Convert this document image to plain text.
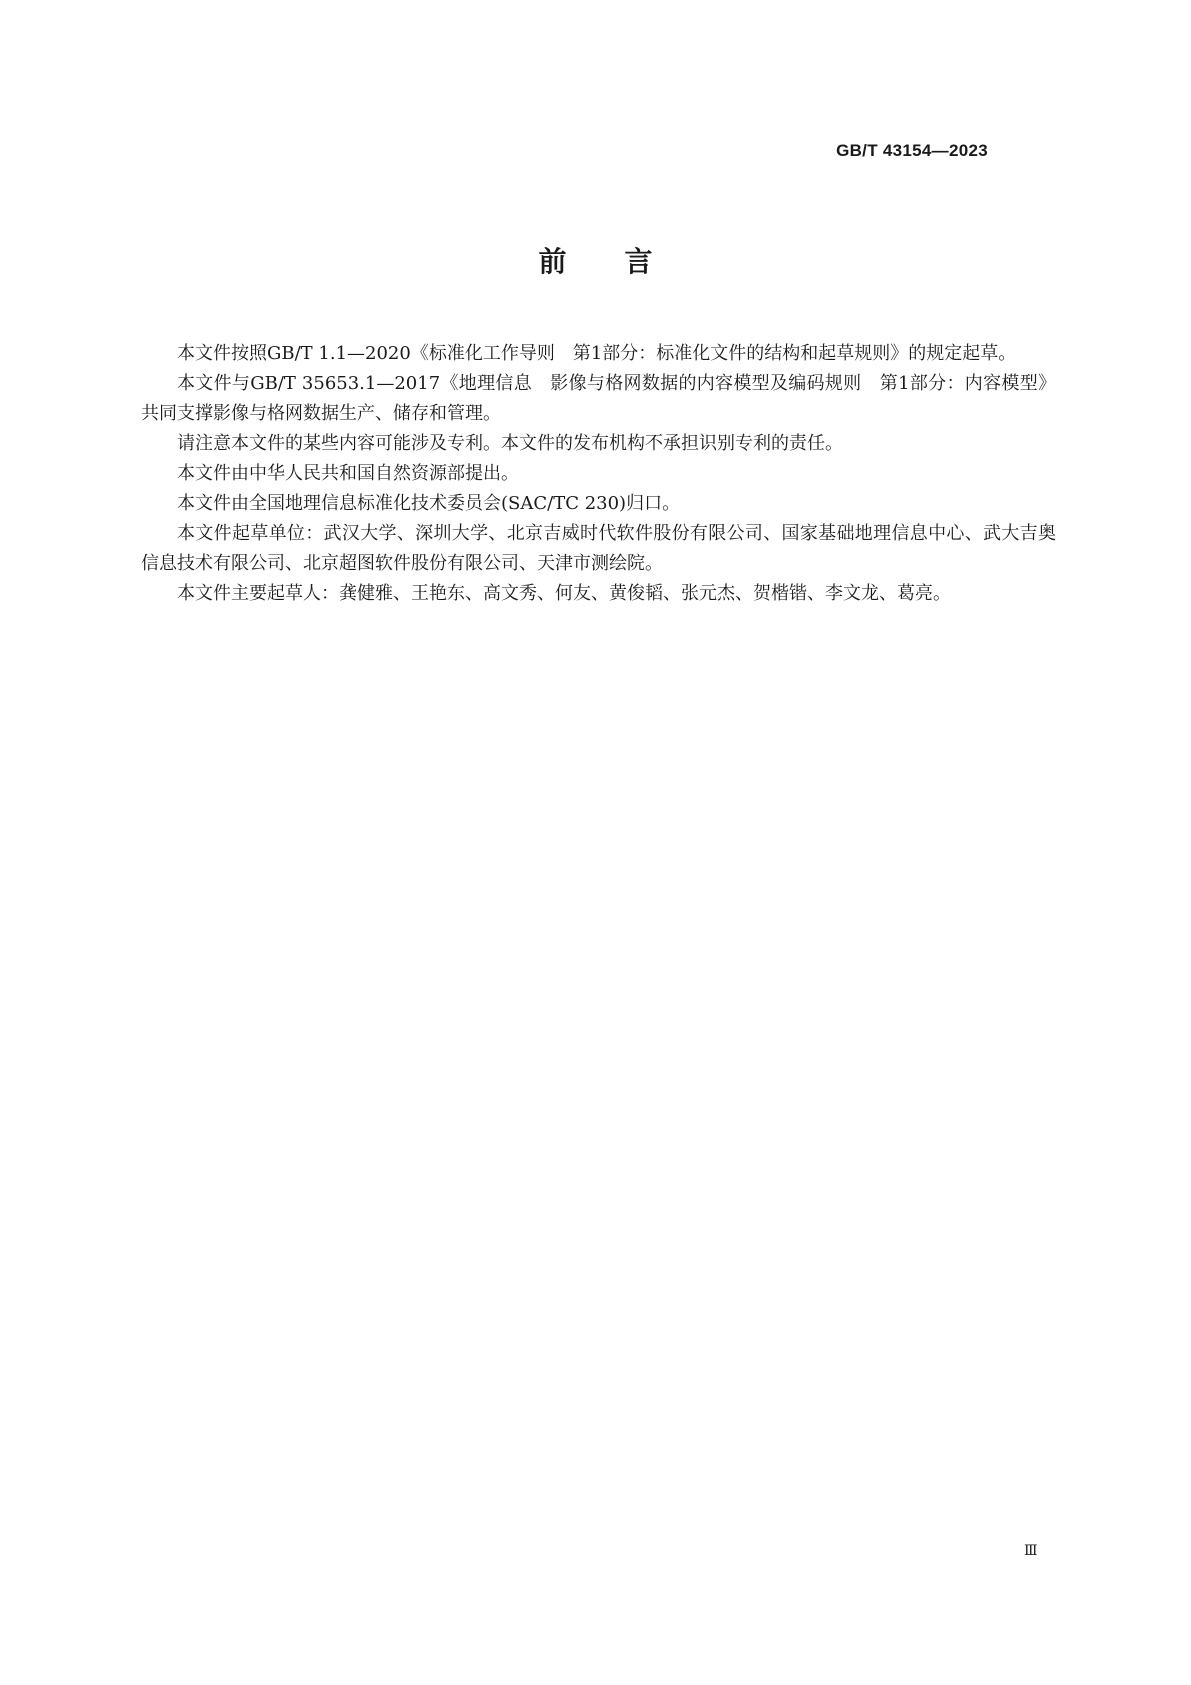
GB/T 43154—2023
前言

本文件按照GB/T 1.1—2020《标准化工作导则　第1部分：标准化文件的结构和起草规则》的规定起草。

本文件与GB/T 35653.1—2017《地理信息　影像与格网数据的内容模型及编码规则　第1部分：内容模型》共同支撑影像与格网数据生产、储存和管理。

请注意本文件的某些内容可能涉及专利。本文件的发布机构不承担识别专利的责任。

本文件由中华人民共和国自然资源部提出。

本文件由全国地理信息标准化技术委员会(SAC/TC 230)归口。

本文件起草单位：武汉大学、深圳大学、北京吉威时代软件股份有限公司、国家基础地理信息中心、武大吉奥信息技术有限公司、北京超图软件股份有限公司、天津市测绘院。

本文件主要起草人：龚健雅、王艳东、高文秀、何友、黄俊韬、张元杰、贺楷锴、李文龙、葛亮。

Ⅲ
